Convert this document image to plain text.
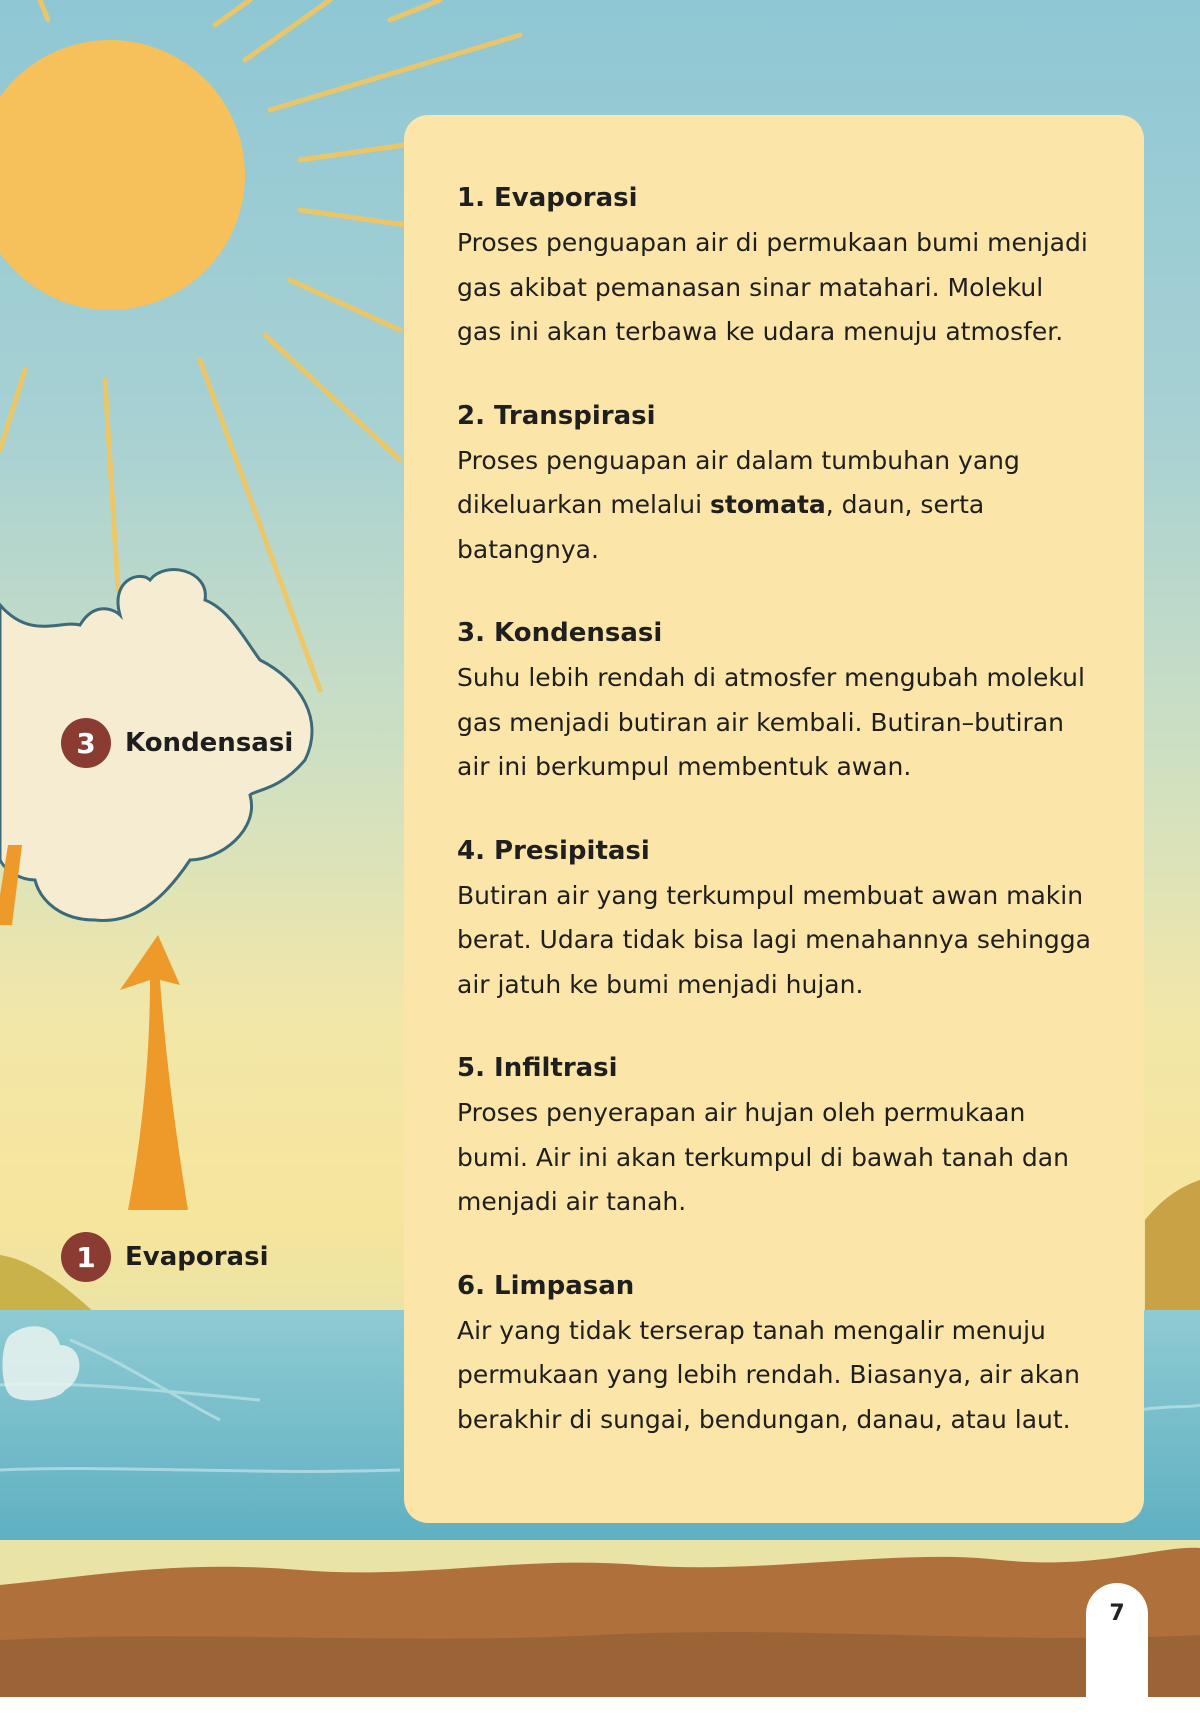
3	Kondensasi
1	Evaporasi
1. Evaporasi

Proses penguapan air di permukaan bumi menjadi
gas akibat pemanasan sinar matahari. Molekul
gas ini akan terbawa ke udara menuju atmosfer.

2. Transpirasi

Proses penguapan air dalam tumbuhan yang
dikeluarkan melalui stomata, daun, serta
batangnya.

3. Kondensasi

Suhu lebih rendah di atmosfer mengubah molekul
gas menjadi butiran air kembali. Butiran–butiran
air ini berkumpul membentuk awan.

4. Presipitasi

Butiran air yang terkumpul membuat awan makin
berat. Udara tidak bisa lagi menahannya sehingga
air jatuh ke bumi menjadi hujan.

5. Infiltrasi

Proses penyerapan air hujan oleh permukaan
bumi. Air ini akan terkumpul di bawah tanah dan
menjadi air tanah.

6. Limpasan

Air yang tidak terserap tanah mengalir menuju
permukaan yang lebih rendah. Biasanya, air akan
berakhir di sungai, bendungan, danau, atau laut.

7
